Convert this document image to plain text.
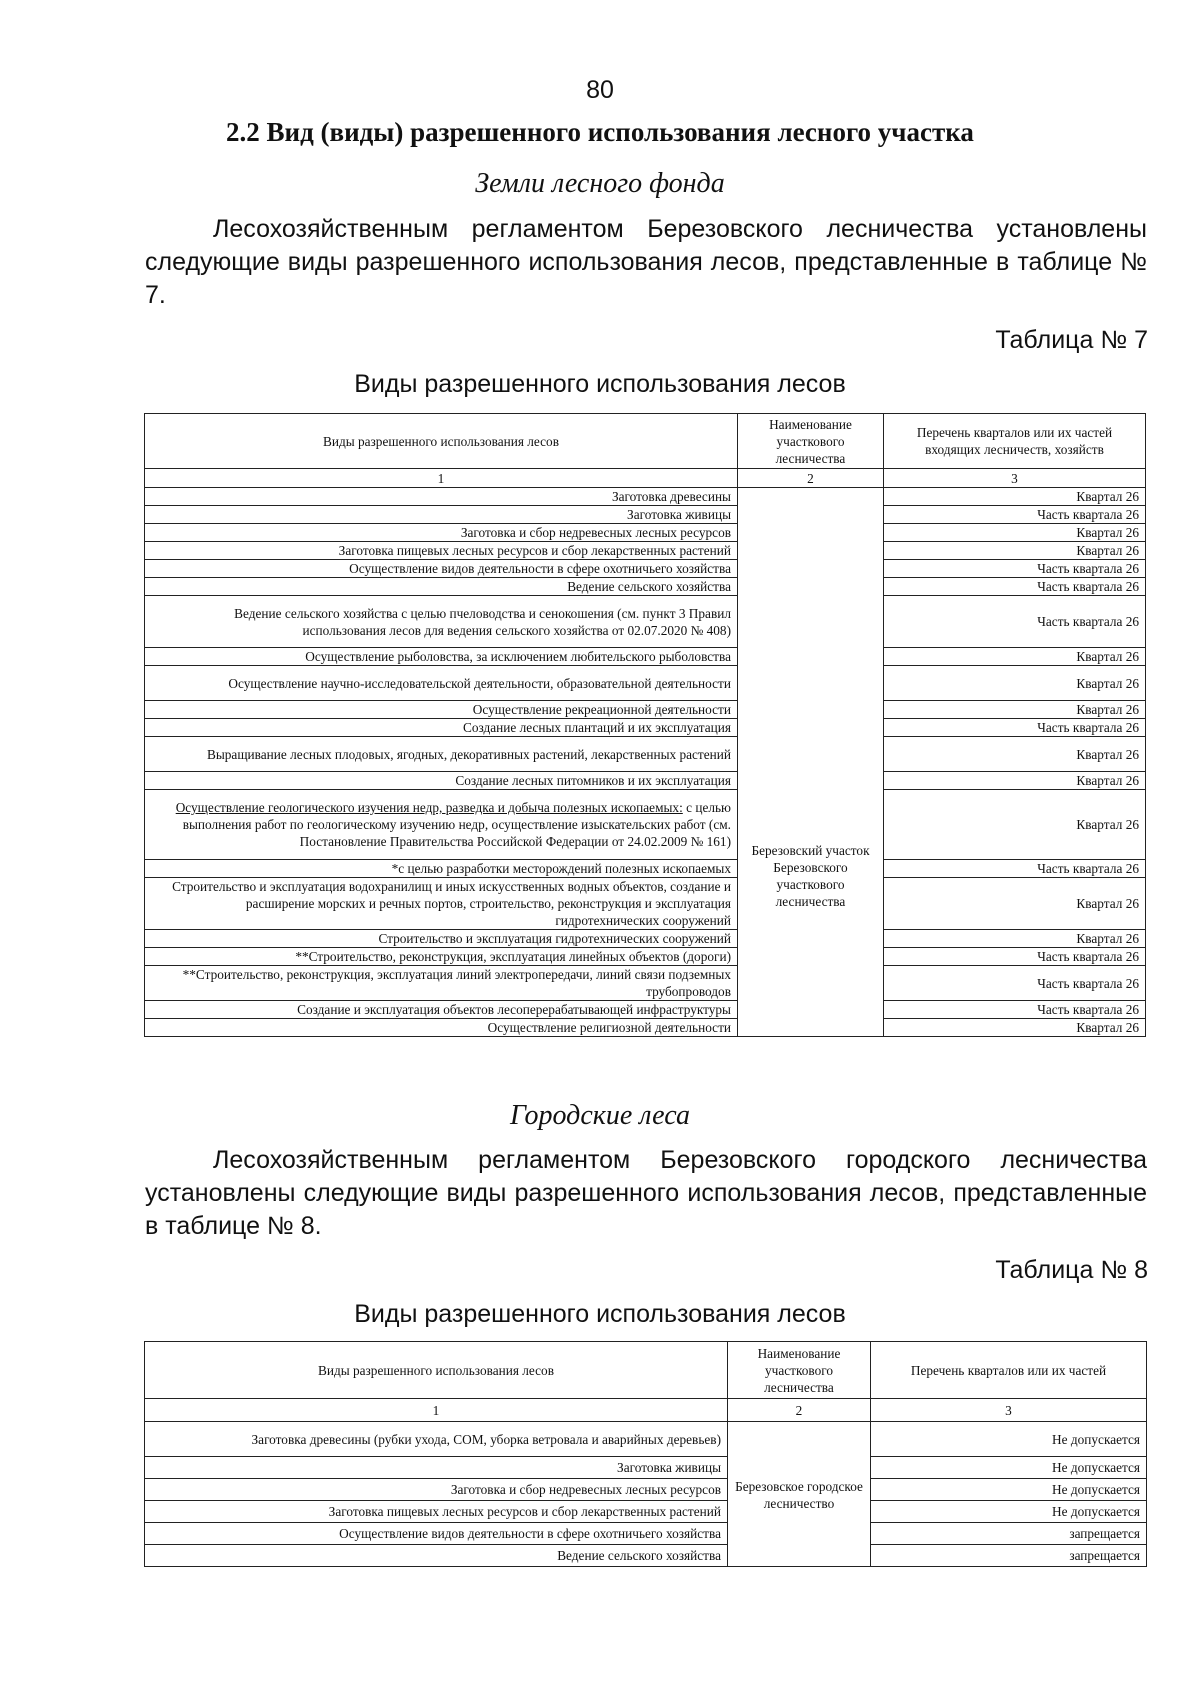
80
2.2 Вид (виды) разрешенного использования лесного участка
Земли лесного фонда

Лесохозяйственным регламентом Березовского лесничества установлены следующие виды разрешенного использования лесов, представленные в таблице № 7.

Таблица № 7
Виды разрешенного использования лесов
Виды разрешенного использования лесов	Наименование участкового лесничества	Перечень кварталов или их частей входящих лесничеств, хозяйств
1	2	3
Заготовка древесины	Березовский участок Березовского участкового лесничества	Квартал 26
Заготовка живицы		Часть квартала 26
Заготовка и сбор недревесных лесных ресурсов		Квартал 26
Заготовка пищевых лесных ресурсов и сбор лекарственных растений		Квартал 26
Осуществление видов деятельности в сфере охотничьего хозяйства		Часть квартала 26
Ведение сельского хозяйства		Часть квартала 26
Ведение сельского хозяйства с целью пчеловодства и сенокошения (см. пункт 3 Правил использования лесов для ведения сельского хозяйства от 02.07.2020 № 408)		Часть квартала 26
Осуществление рыболовства, за исключением любительского рыболовства		Квартал 26
Осуществление научно-исследовательской деятельности, образовательной деятельности		Квартал 26
Осуществление рекреационной деятельности		Квартал 26
Создание лесных плантаций и их эксплуатация		Часть квартала 26
Выращивание лесных плодовых, ягодных, декоративных растений, лекарственных растений		Квартал 26
Создание лесных питомников и их эксплуатация		Квартал 26
Осуществление геологического изучения недр, разведка и добыча полезных ископаемых: с целью выполнения работ по геологическому изучению недр, осуществление изыскательских работ (см. Постановление Правительства Российской Федерации от 24.02.2009 № 161)		Квартал 26
*с целью разработки месторождений полезных ископаемых		Часть квартала 26
Строительство и эксплуатация водохранилищ и иных искусственных водных объектов, создание и расширение морских и речных портов, строительство, реконструкция и эксплуатация гидротехнических сооружений		Квартал 26
Строительство и эксплуатация гидротехнических сооружений		Квартал 26
**Строительство, реконструкция, эксплуатация линейных объектов (дороги)		Часть квартала 26
**Строительство, реконструкция, эксплуатация линий электропередачи, линий связи подземных трубопроводов		Часть квартала 26
Создание и эксплуатация объектов лесоперерабатывающей инфраструктуры		Часть квартала 26
Осуществление религиозной деятельности		Квартал 26
Городские леса

Лесохозяйственным регламентом Березовского городского лесничества установлены следующие виды разрешенного использования лесов, представленные в таблице № 8.

Таблица № 8
Виды разрешенного использования лесов
Виды разрешенного использования лесов	Наименование участкового лесничества	Перечень кварталов или их частей
1	2	3
Заготовка древесины (рубки ухода, СОМ, уборка ветровала и аварийных деревьев)	Березовское городское лесничество	Не допускается
Заготовка живицы		Не допускается
Заготовка и сбор недревесных лесных ресурсов		Не допускается
Заготовка пищевых лесных ресурсов и сбор лекарственных растений		Не допускается
Осуществление видов деятельности в сфере охотничьего хозяйства		запрещается
Ведение сельского хозяйства		запрещается
